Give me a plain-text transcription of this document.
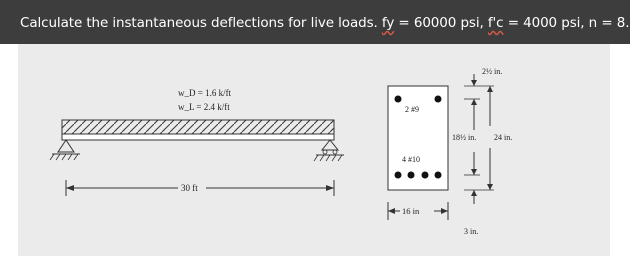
Calculate the instantaneous deflections for live loads. fy = 60000 psi, f'c = 4000 psi, n = 8.
w_D = 1.6 k/ft
w_L = 2.4 k/ft
30 ft
2 #9
4 #10
16 in
2½ in.
18½ in. 24 in.
3 in.
